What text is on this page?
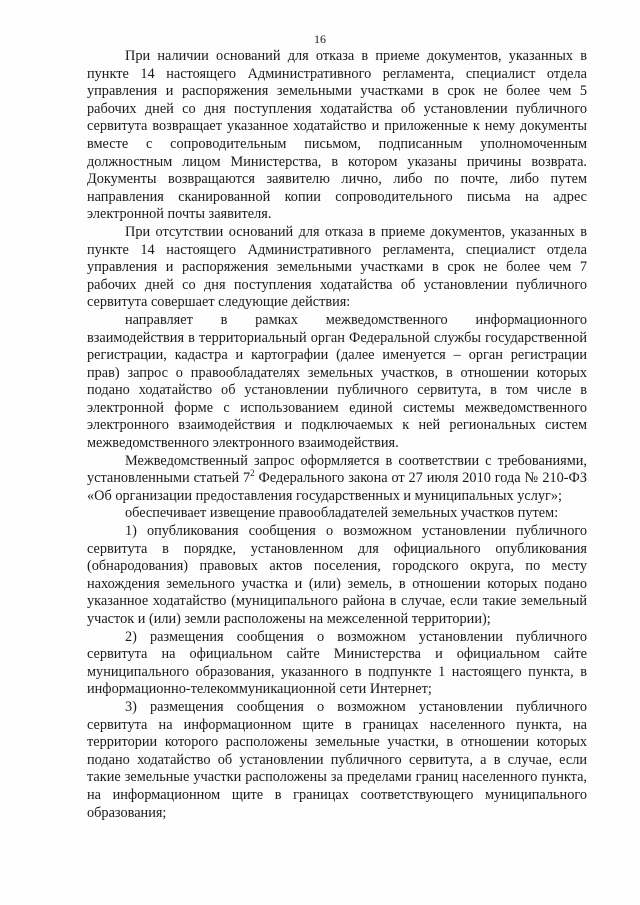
16

При наличии оснований для отказа в приеме документов, указанных в пункте 14 настоящего Административного регламента, специалист отдела управления и распоряжения земельными участками в срок не более чем 5 рабочих дней со дня поступления ходатайства об установлении публичного сервитута возвращает указанное ходатайство и приложенные к нему документы вместе с сопроводительным письмом, подписанным уполномоченным должностным лицом Министерства, в котором указаны причины возврата. Документы возвращаются заявителю лично, либо по почте, либо путем направления сканированной копии сопроводительного письма на адрес электронной почты заявителя.

При отсутствии оснований для отказа в приеме документов, указанных в пункте 14 настоящего Административного регламента, специалист отдела управления и распоряжения земельными участками в срок не более чем 7 рабочих дней со дня поступления ходатайства об установлении публичного сервитута совершает следующие действия:

направляет в рамках межведомственного информационного взаимодействия в территориальный орган Федеральной службы государственной регистрации, кадастра и картографии (далее именуется – орган регистрации прав) запрос о правообладателях земельных участков, в отношении которых подано ходатайство об установлении публичного сервитута, в том числе в электронной форме с использованием единой системы межведомственного электронного взаимодействия и подключаемых к ней региональных систем межведомственного электронного взаимодействия.

Межведомственный запрос оформляется в соответствии с требованиями, установленными статьей $7^2$ Федерального закона от 27 июля 2010 года № 210-ФЗ «Об организации предоставления государственных и муниципальных услуг»;

обеспечивает извещение правообладателей земельных участков путем:

1) опубликования сообщения о возможном установлении публичного сервитута в порядке, установленном для официального опубликования (обнародования) правовых актов поселения, городского округа, по месту нахождения земельного участка и (или) земель, в отношении которых подано указанное ходатайство (муниципального района в случае, если такие земельный участок и (или) земли расположены на межселенной территории);

2) размещения сообщения о возможном установлении публичного сервитута на официальном сайте Министерства и официальном сайте муниципального образования, указанного в подпункте 1 настоящего пункта, в информационно-телекоммуникационной сети Интернет;

3) размещения сообщения о возможном установлении публичного сервитута на информационном щите в границах населенного пункта, на территории которого расположены земельные участки, в отношении которых подано ходатайство об установлении публичного сервитута, а в случае, если такие земельные участки расположены за пределами границ населенного пункта, на информационном щите в границах соответствующего муниципального образования;
